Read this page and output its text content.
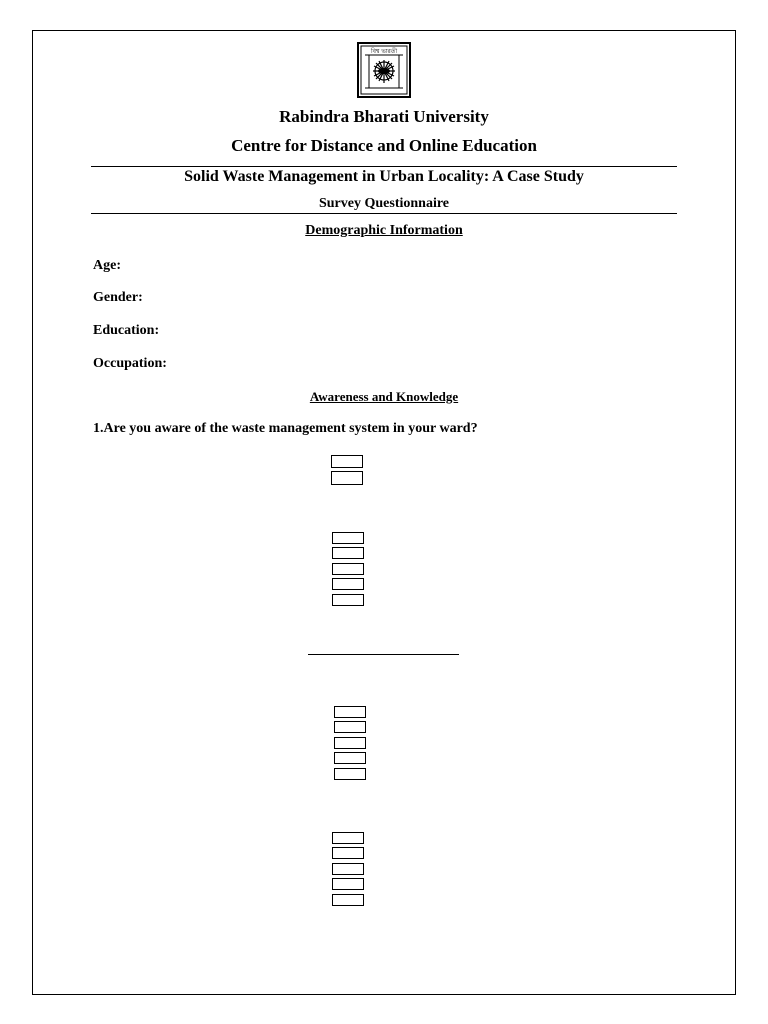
বিশ্ব ভারতী
Rabindra Bharati University
Centre for Distance and Online Education
Solid Waste Management in Urban Locality: A Case Study
Survey Questionnaire
Demographic Information
Age:
Gender:
Education:
Occupation:
Awareness and Knowledge
1.Are you aware of the waste management system in your ward?
